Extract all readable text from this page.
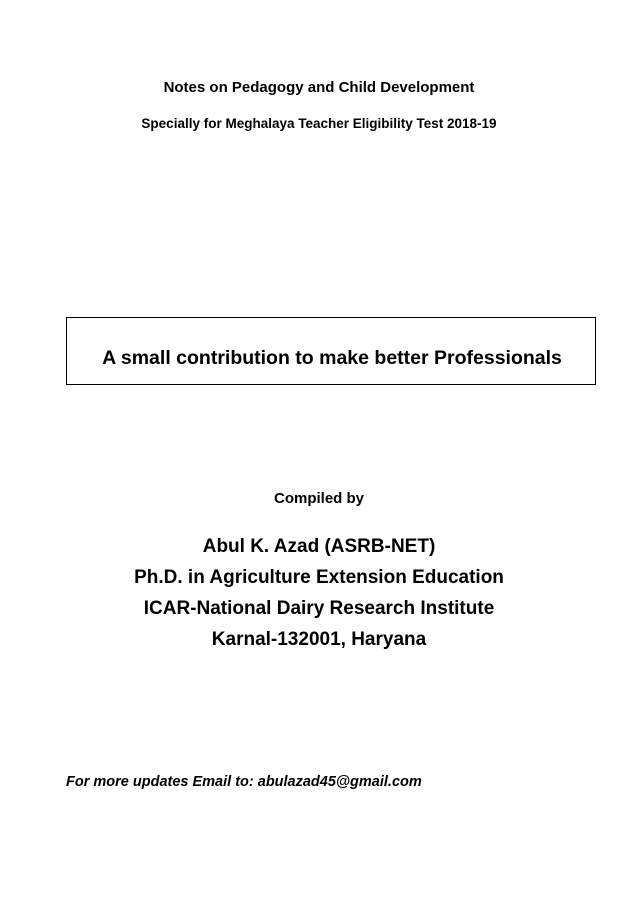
Notes on Pedagogy and Child Development
Specially for Meghalaya Teacher Eligibility Test 2018-19
A small contribution to make better Professionals
Compiled by
Abul K. Azad (ASRB-NET)
Ph.D. in Agriculture Extension Education
ICAR-National Dairy Research Institute
Karnal-132001, Haryana
For more updates Email to: abulazad45@gmail.com
